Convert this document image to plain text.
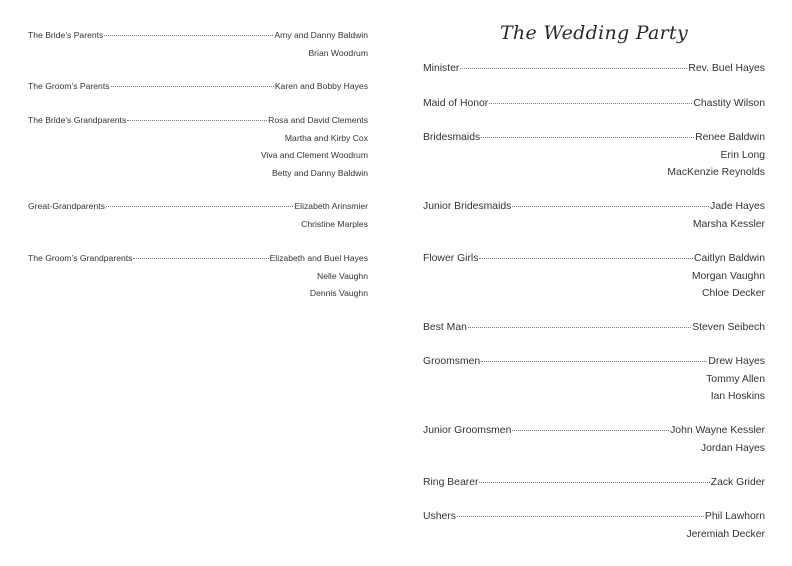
The Bride’s Parents	Amy and Danny Baldwin
Brian Woodrum
The Groom’s Parents	Karen and Bobby Hayes
The Bride’s Grandparents	Rosa and David Clements
Martha and Kirby Cox
Viva and Clement Woodrum
Betty and Danny Baldwin
Great-Grandparents	Elizabeth Arinsmier
Christine Marples
The Groom’s Grandparents	Elizabeth and Buel Hayes
Nelle Vaughn
Dennis Vaughn
The Wedding Party
Minister	Rev. Buel Hayes
Maid of Honor	Chastity Wilson
Bridesmaids	Renee Baldwin
Erin Long
MacKenzie Reynolds
Junior Bridesmaids	Jade Hayes
Marsha Kessler
Flower Girls	Caitlyn Baldwin
Morgan Vaughn
Chloe Decker
Best Man	Steven Seibech
Groomsmen	Drew Hayes
Tommy Allen
Ian Hoskins
Junior Groomsmen	John Wayne Kessler
Jordan Hayes
Ring Bearer	Zack Grider
Ushers	Phil Lawhorn
Jeremiah Decker
